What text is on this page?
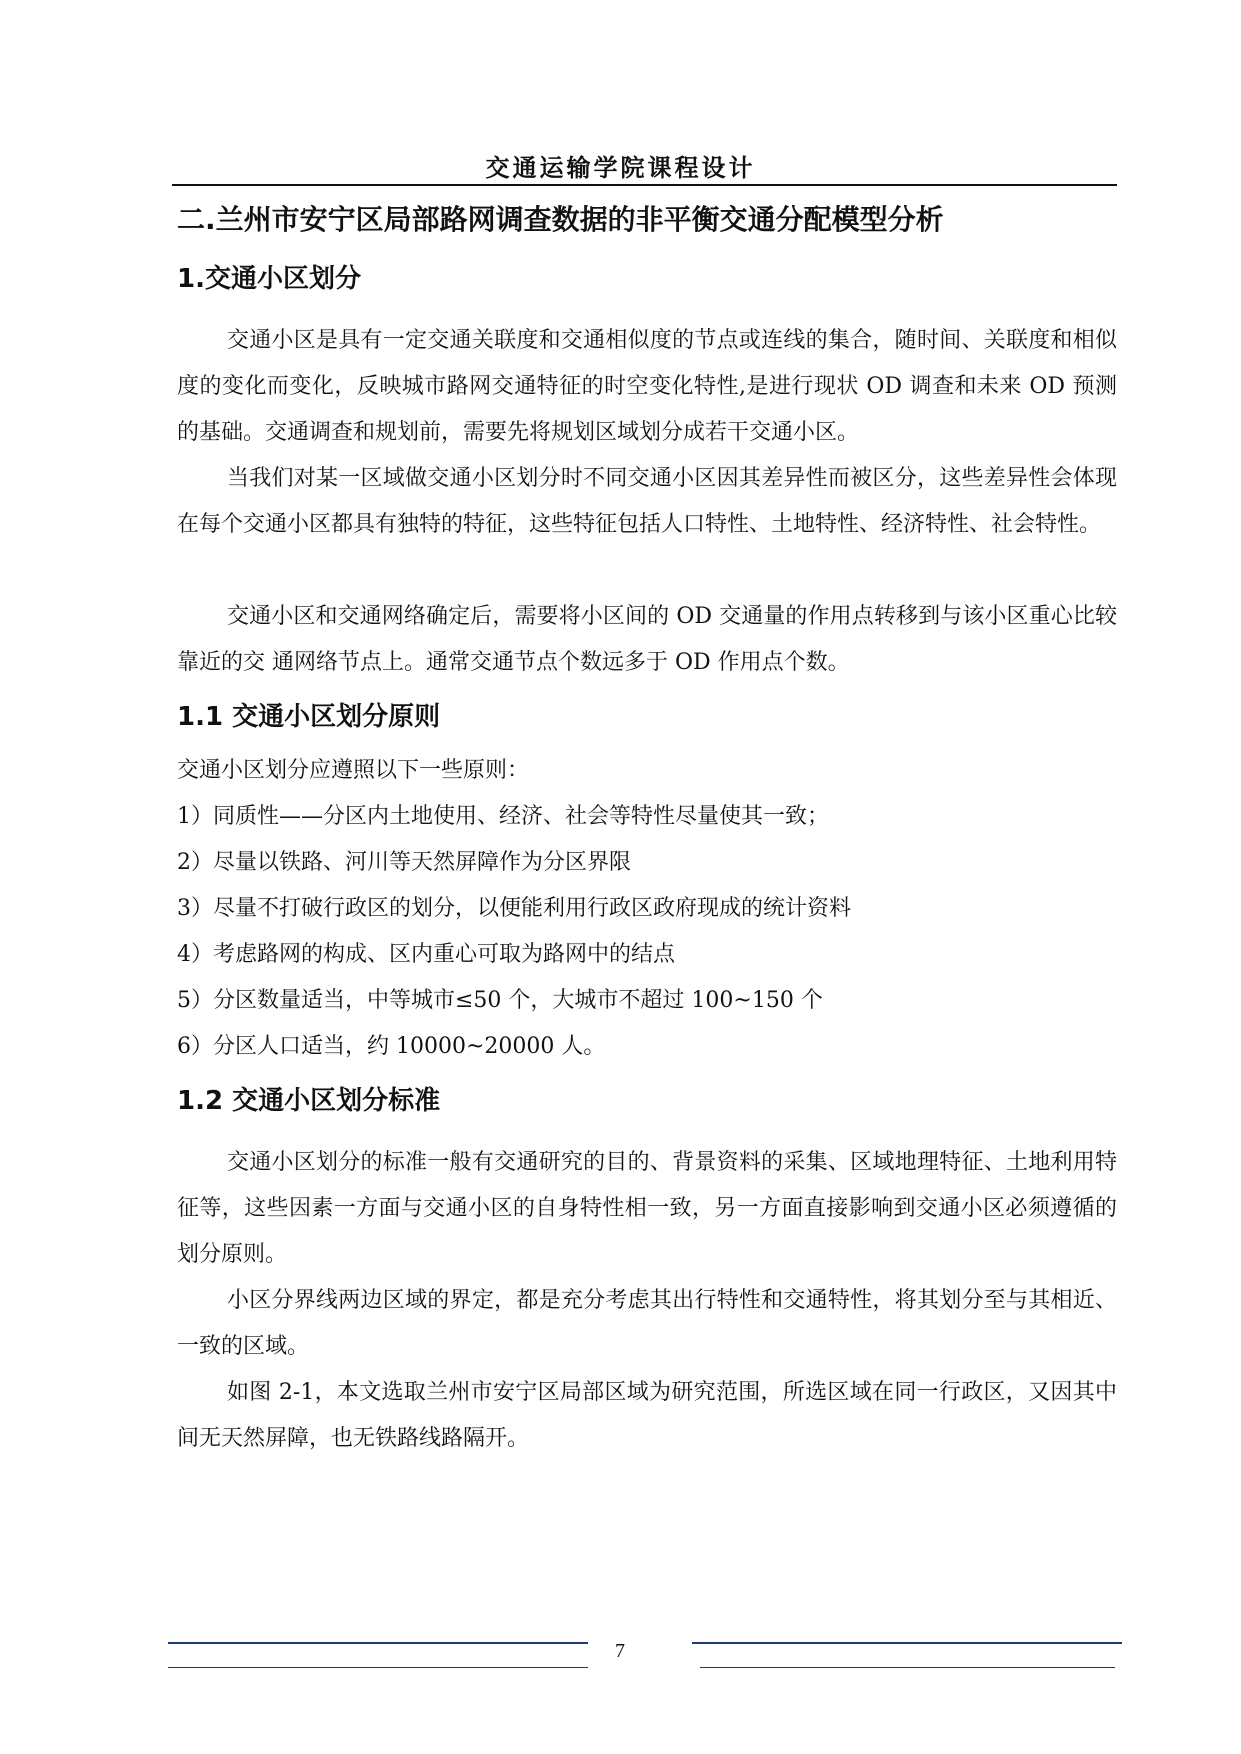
交通运输学院课程设计
二.兰州市安宁区局部路网调查数据的非平衡交通分配模型分析
1.交通小区划分
交通小区是具有一定交通关联度和交通相似度的节点或连线的集合，随时间、关联度和相似度的变化而变化，反映城市路网交通特征的时空变化特性,是进行现状 OD 调查和未来 OD 预测的基础。交通调查和规划前，需要先将规划区域划分成若干交通小区。
当我们对某一区域做交通小区划分时不同交通小区因其差异性而被区分，这些差异性会体现在每个交通小区都具有独特的特征，这些特征包括人口特性、土地特性、经济特性、社会特性。
交通小区和交通网络确定后，需要将小区间的 OD 交通量的作用点转移到与该小区重心比较靠近的交 通网络节点上。通常交通节点个数远多于 OD 作用点个数。
1.1 交通小区划分原则
交通小区划分应遵照以下一些原则：
1）同质性——分区内土地使用、经济、社会等特性尽量使其一致；
2）尽量以铁路、河川等天然屏障作为分区界限
3）尽量不打破行政区的划分，以便能利用行政区政府现成的统计资料
4）考虑路网的构成、区内重心可取为路网中的结点
5）分区数量适当，中等城市≤50 个，大城市不超过 100~150 个
6）分区人口适当，约 10000~20000 人。
1.2 交通小区划分标准
交通小区划分的标准一般有交通研究的目的、背景资料的采集、区域地理特征、土地利用特征等，这些因素一方面与交通小区的自身特性相一致，另一方面直接影响到交通小区必须遵循的划分原则。
小区分界线两边区域的界定，都是充分考虑其出行特性和交通特性，将其划分至与其相近、一致的区域。
如图 2-1，本文选取兰州市安宁区局部区域为研究范围，所选区域在同一行政区，又因其中间无天然屏障，也无铁路线路隔开。
7
